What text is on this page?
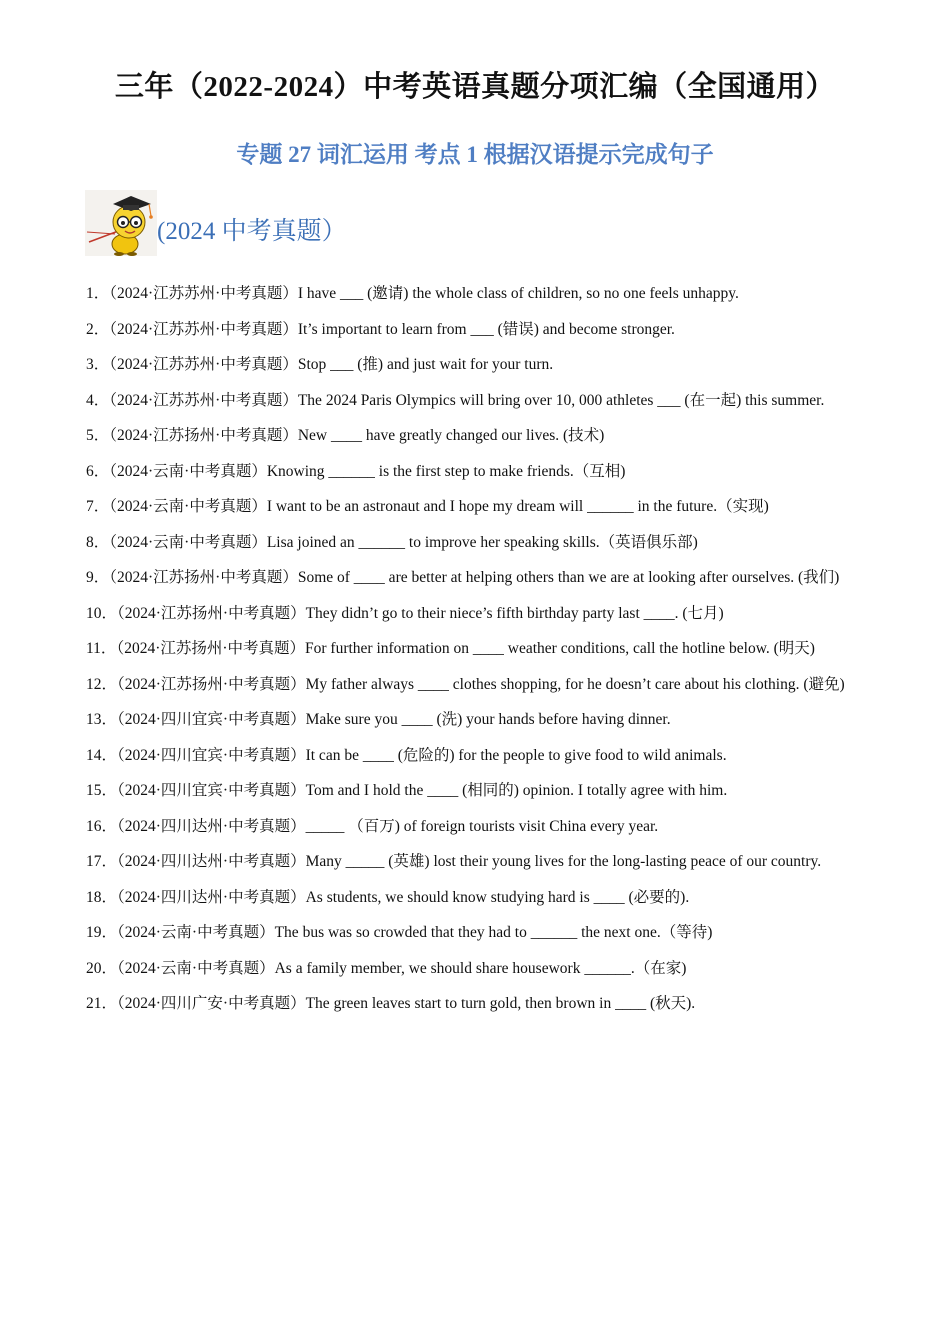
三年（2022-2024）中考英语真题分项汇编（全国通用）
专题 27 词汇运用 考点 1 根据汉语提示完成句子
(2024 中考真题）

1．（2024·江苏苏州·中考真题）I have ___ (邀请) the whole class of children, so no one feels unhappy.

2．（2024·江苏苏州·中考真题）It’s important to learn from ___ (错误) and become stronger.

3．（2024·江苏苏州·中考真题）Stop ___ (推) and just wait for your turn.

4．（2024·江苏苏州·中考真题）The 2024 Paris Olympics will bring over 10, 000 athletes ___ (在一起) this summer.

5．（2024·江苏扬州·中考真题）New ____ have greatly changed our lives. (技术)

6．（2024·云南·中考真题）Knowing ______ is the first step to make friends.（互相)

7．（2024·云南·中考真题）I want to be an astronaut and I hope my dream will ______ in the future.（实现)

8．（2024·云南·中考真题）Lisa joined an ______ to improve her speaking skills.（英语俱乐部)

9．（2024·江苏扬州·中考真题）Some of ____ are better at helping others than we are at looking after ourselves. (我们)

10．（2024·江苏扬州·中考真题）They didn’t go to their niece’s fifth birthday party last ____. (七月)

11．（2024·江苏扬州·中考真题）For further information on ____ weather conditions, call the hotline below. (明天)

12．（2024·江苏扬州·中考真题）My father always ____ clothes shopping, for he doesn’t care about his clothing. (避免)

13．（2024·四川宜宾·中考真题）Make sure you ____ (洗) your hands before having dinner.

14．（2024·四川宜宾·中考真题）It can be ____ (危险的) for the people to give food to wild animals.

15．（2024·四川宜宾·中考真题）Tom and I hold the ____ (相同的) opinion. I totally agree with him.

16．（2024·四川达州·中考真题）_____ （百万) of foreign tourists visit China every year.

17．（2024·四川达州·中考真题）Many _____ (英雄) lost their young lives for the long-lasting peace of our country.

18．（2024·四川达州·中考真题）As students, we should know studying hard is ____ (必要的).

19．（2024·云南·中考真题）The bus was so crowded that they had to ______ the next one.（等待)

20．（2024·云南·中考真题）As a family member, we should share housework ______.（在家)

21．（2024·四川广安·中考真题）The green leaves start to turn gold, then brown in ____ (秋天).
